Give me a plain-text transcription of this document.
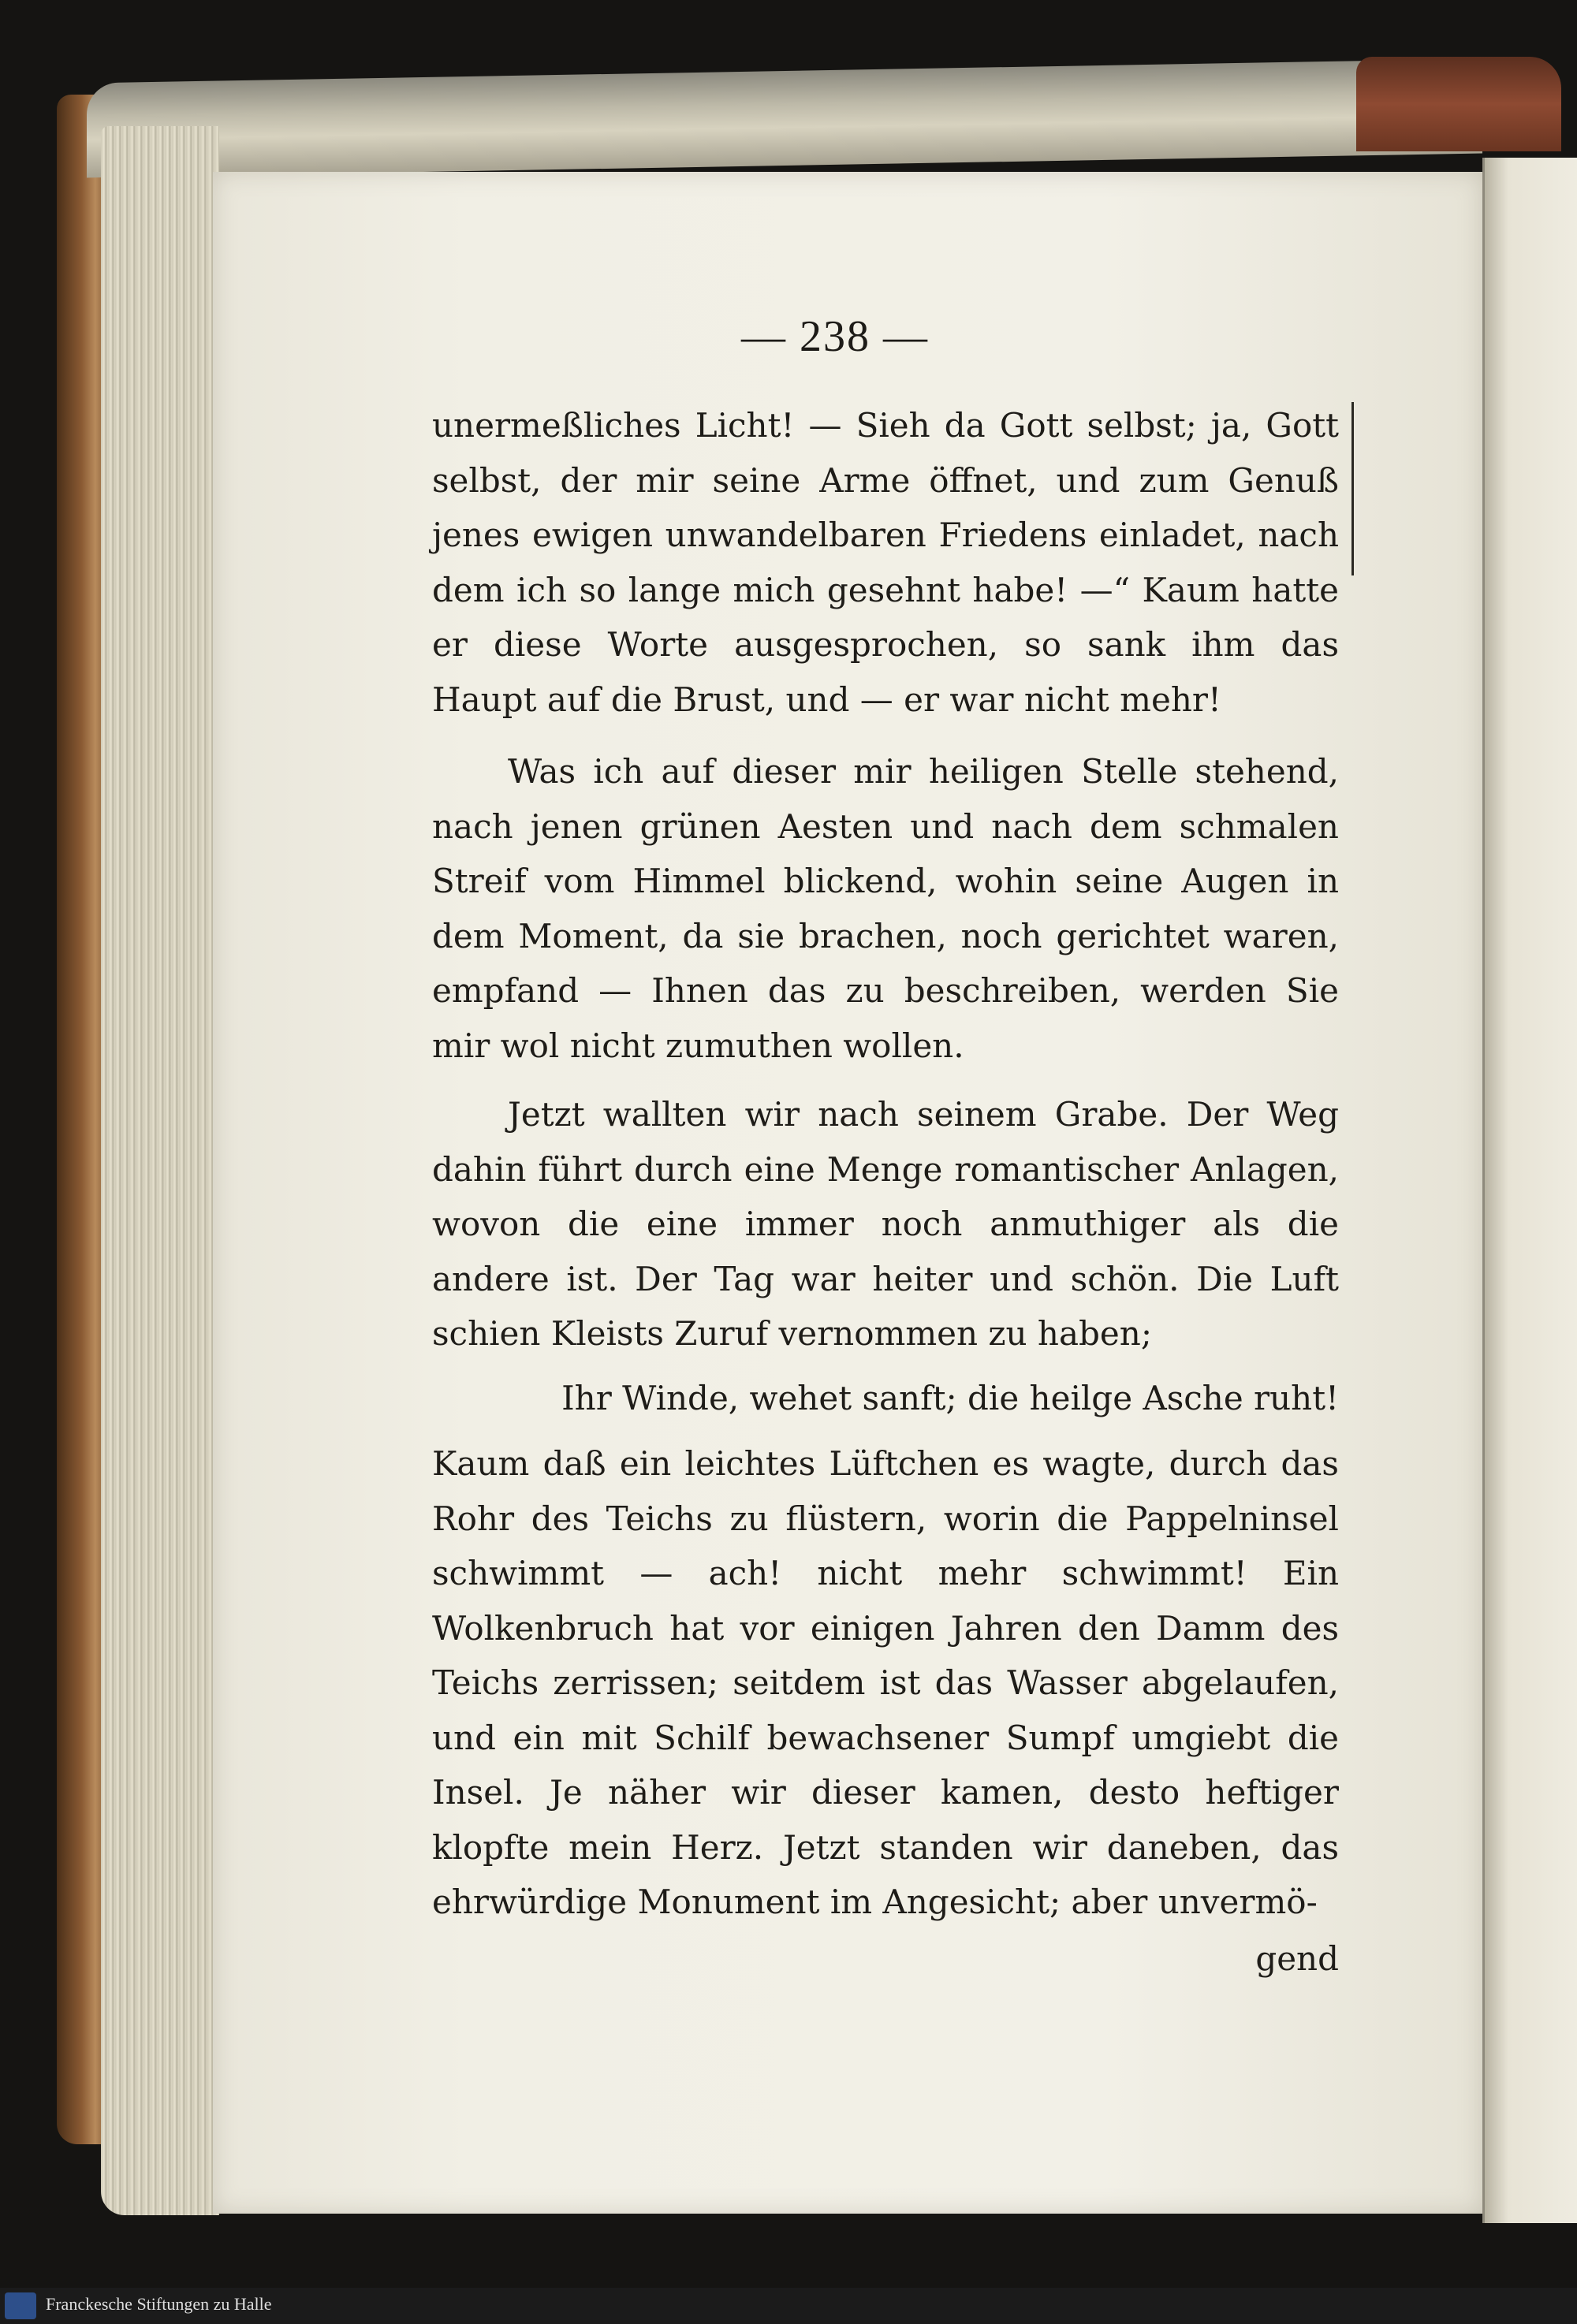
— 238 —

unermeßliches Licht! — Sieh da Gott selbst; ja, Gott selbst, der mir seine Arme öffnet, und zum Genuß jenes ewigen unwandelbaren Friedens einladet, nach dem ich so lange mich gesehnt habe! —“ Kaum hatte er diese Worte ausgesprochen, so sank ihm das Haupt auf die Brust, und — er war nicht mehr!

Was ich auf dieser mir heiligen Stelle stehend, nach jenen grünen Aesten und nach dem schmalen Streif vom Himmel blickend, wohin seine Augen in dem Moment, da sie brachen, noch gerichtet waren, empfand — Ihnen das zu beschreiben, werden Sie mir wol nicht zumuthen wollen.

Jetzt wallten wir nach seinem Grabe. Der Weg dahin führt durch eine Menge romantischer Anlagen, wovon die eine immer noch anmuthiger als die andere ist. Der Tag war heiter und schön. Die Luft schien Kleists Zuruf vernommen zu haben;

Ihr Winde, wehet sanft; die heilge Asche ruht!

Kaum daß ein leichtes Lüftchen es wagte, durch das Rohr des Teichs zu flüstern, worin die Pappelninsel schwimmt — ach! nicht mehr schwimmt! Ein Wolkenbruch hat vor einigen Jahren den Damm des Teichs zerrissen; seitdem ist das Wasser abgelaufen, und ein mit Schilf bewachsener Sumpf umgiebt die Insel. Je näher wir dieser kamen, desto heftiger klopfte mein Herz. Jetzt standen wir daneben, das ehrwürdige Monument im Angesicht; aber unvermö-

gend

Franckesche Stiftungen zu Halle
